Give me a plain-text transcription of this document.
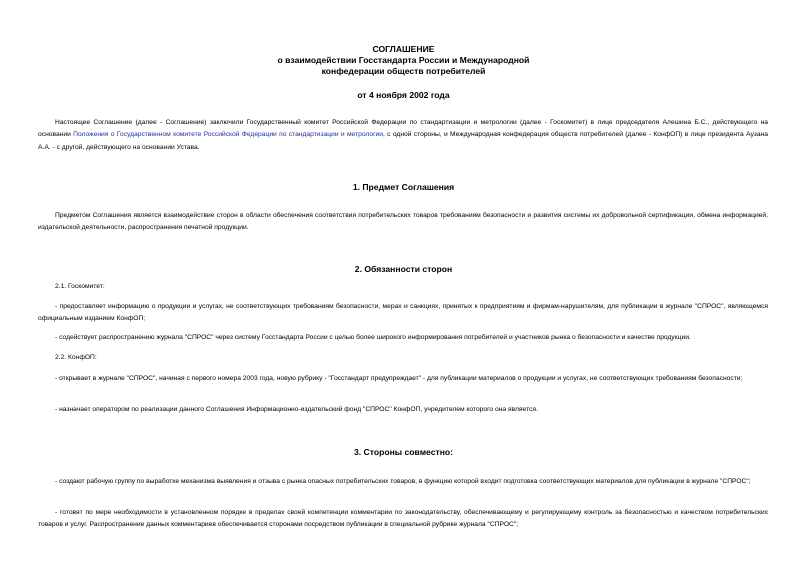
СОГЛАШЕНИЕ
о взаимодействии Госстандарта России и Международной
конфедерации обществ потребителей
от 4 ноября 2002 года
Настоящее Соглашение (далее - Соглашение) заключили Государственный комитет Российской Федерации по стандартизации и метрологии (далее - Госкомитет) в лице председателя Алешина Б.С., действующего на основании Положения о Государственном комитете Российской Федерации по стандартизации и метрологии, с одной стороны, и Международная конфедерация обществ потребителей (далее - КонфОП) в лице президента Аузана А.А. - с другой, действующего на основании Устава.
1. Предмет Соглашения
Предметом Соглашения является взаимодействие сторон в области обеспечения соответствия потребительских товаров требованиям безопасности и развития системы их добровольной сертификации, обмена информацией, издательской деятельности, распространения печатной продукции.
2. Обязанности сторон
2.1. Госкомитет:
- предоставляет информацию о продукции и услугах, не соответствующих требованиям безопасности, мерах и санкциях, принятых к предприятиям и фирмам-нарушителям, для публикации в журнале "СПРОС", являющемся официальным изданием КонфОП;
- содействует распространению журнала "СПРОС" через систему Госстандарта России с целью более широкого информирования потребителей и участников рынка о безопасности и качестве продукции.
2.2. КонфОП:
- открывает в журнале "СПРОС", начиная с первого номера 2003 года, новую рубрику - "Госстандарт предупреждает" - для публикации материалов о продукции и услугах, не соответствующих требованиям безопасности;
- назначает оператором по реализации данного Соглашения Информационно-издательский фонд "СПРОС" КонфОП, учредителем которого она является.
3. Стороны совместно:
- создают рабочую группу по выработке механизма выявления и отзыва с рынка опасных потребительских товаров, в функцию которой входит подготовка соответствующих материалов для публикации в журнале "СПРОС";
- готовят по мере необходимости в установленном порядке в пределах своей компетенции комментарии по законодательству, обеспечивающему и регулирующему контроль за безопасностью и качеством потребительских товаров и услуг. Распространение данных комментариев обеспечивается сторонами посредством публикации в специальной рубрике журнала "СПРОС";
